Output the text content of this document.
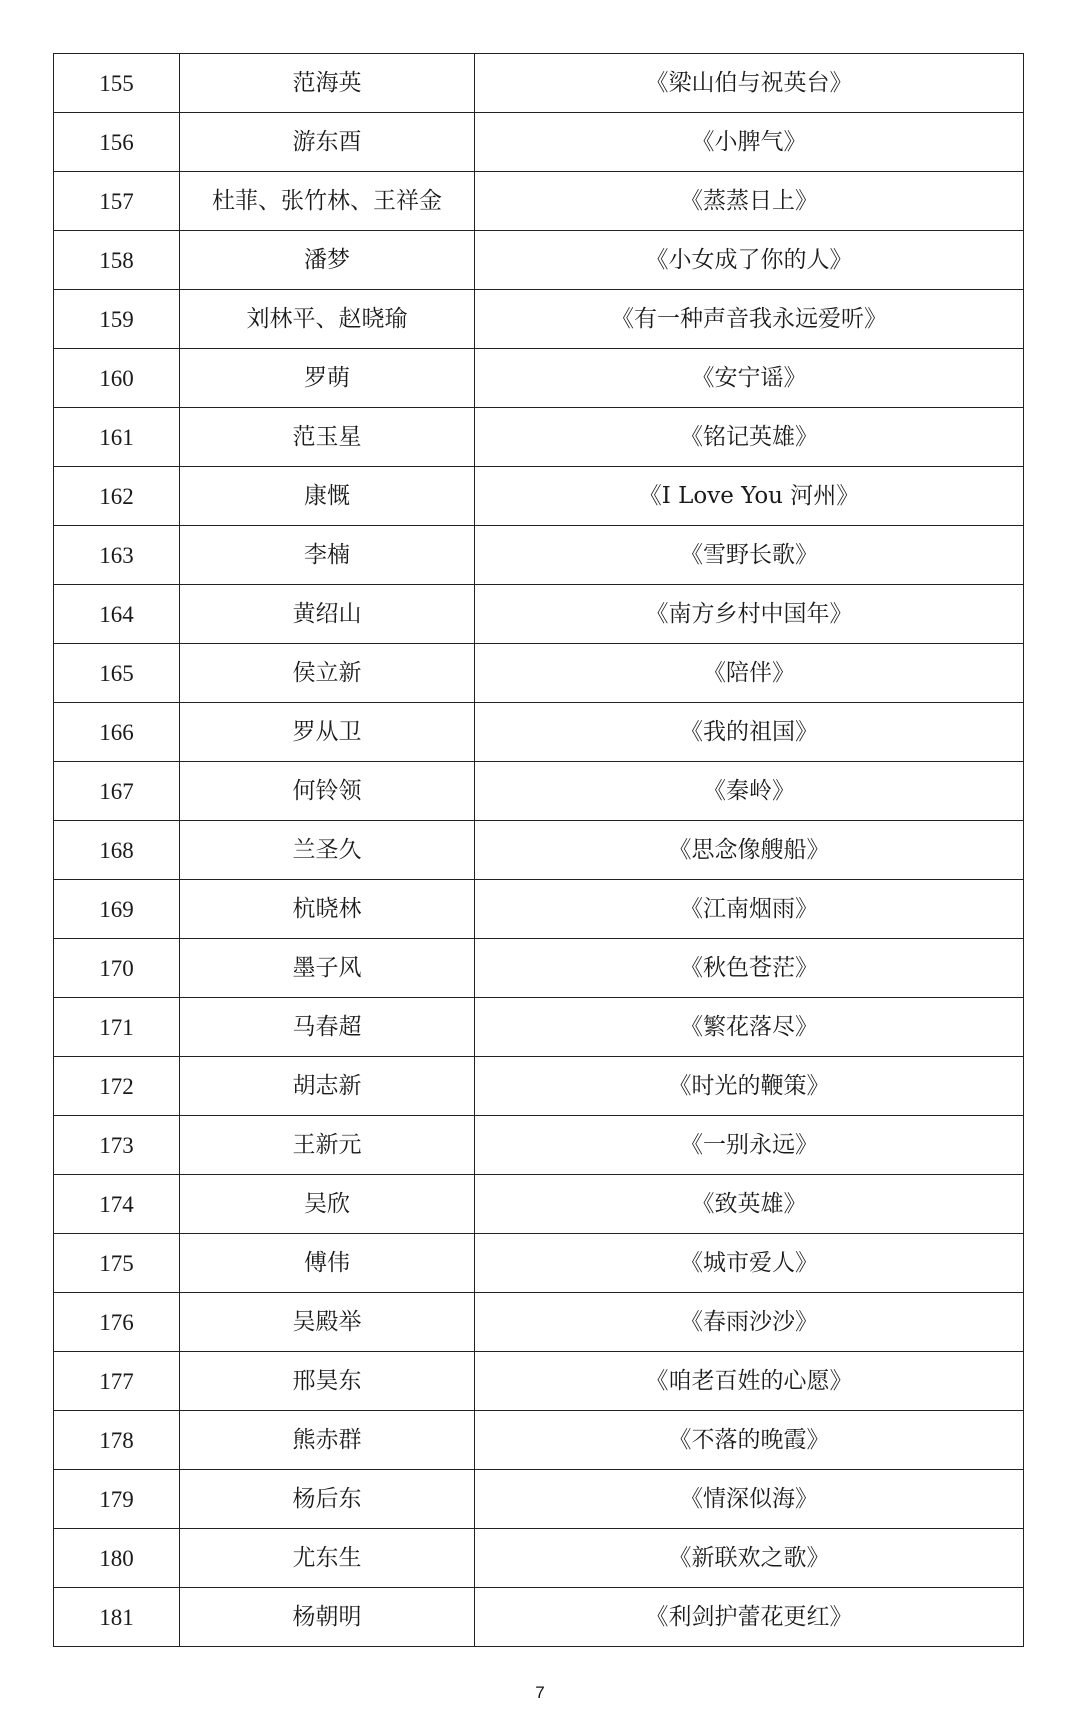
155	范海英	《梁山伯与祝英台》
156	游东酉	《小脾气》
157	杜菲、张竹林、王祥金	《蒸蒸日上》
158	潘梦	《小女成了你的人》
159	刘林平、赵晓瑜	《有一种声音我永远爱听》
160	罗萌	《安宁谣》
161	范玉星	《铭记英雄》
162	康慨	《I Love You 河州》
163	李楠	《雪野长歌》
164	黄绍山	《南方乡村中国年》
165	侯立新	《陪伴》
166	罗从卫	《我的祖国》
167	何铃领	《秦岭》
168	兰圣久	《思念像艘船》
169	杭晓林	《江南烟雨》
170	墨子风	《秋色苍茫》
171	马春超	《繁花落尽》
172	胡志新	《时光的鞭策》
173	王新元	《一别永远》
174	吴欣	《致英雄》
175	傅伟	《城市爱人》
176	吴殿举	《春雨沙沙》
177	邢昊东	《咱老百姓的心愿》
178	熊赤群	《不落的晚霞》
179	杨后东	《情深似海》
180	尤东生	《新联欢之歌》
181	杨朝明	《利剑护蕾花更红》
7
